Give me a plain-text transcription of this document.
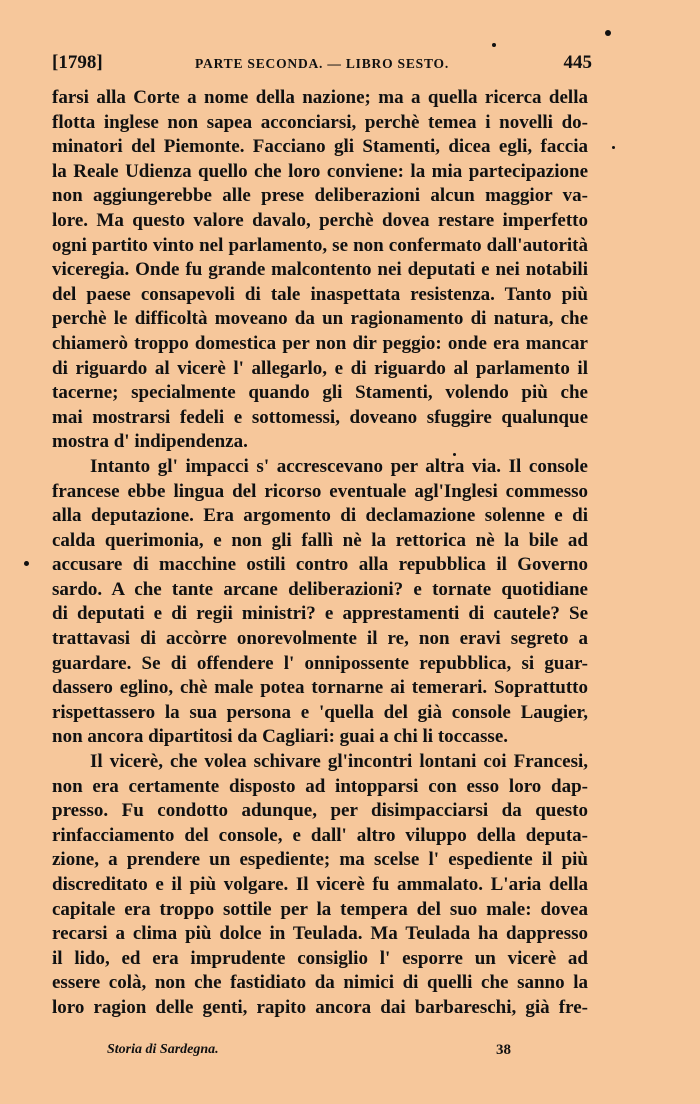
[1798]	PARTE SECONDA. — LIBRO SESTO.	445
farsi alla Corte a nome della nazione; ma a quella ricerca della
flotta inglese non sapea acconciarsi, perchè temea i novelli do-
minatori del Piemonte. Facciano gli Stamenti, dicea egli, faccia
la Reale Udienza quello che loro conviene: la mia partecipazione
non aggiungerebbe alle prese deliberazioni alcun maggior va-
lore. Ma questo valore davalo, perchè dovea restare imperfetto
ogni partito vinto nel parlamento, se non confermato dall'autorità
viceregia. Onde fu grande malcontento nei deputati e nei notabili
del paese consapevoli di tale inaspettata resistenza. Tanto più
perchè le difficoltà moveano da un ragionamento di natura, che
chiamerò troppo domestica per non dir peggio: onde era mancar
di riguardo al vicerè l' allegarlo, e di riguardo al parlamento il
tacerne; specialmente quando gli Stamenti, volendo più che
mai mostrarsi fedeli e sottomessi, doveano sfuggire qualunque
mostra d' indipendenza.
Intanto gl' impacci s' accrescevano per altra via. Il console
francese ebbe lingua del ricorso eventuale agl'Inglesi commesso
alla deputazione. Era argomento di declamazione solenne e di
calda querimonia, e non gli fallì nè la rettorica nè la bile ad
accusare di macchine ostili contro alla repubblica il Governo
sardo. A che tante arcane deliberazioni? e tornate quotidiane
di deputati e di regii ministri? e apprestamenti di cautele? Se
trattavasi di accòrre onorevolmente il re, non eravi segreto a
guardare. Se di offendere l' onnipossente repubblica, si guar-
dassero eglino, chè male potea tornarne ai temerari. Soprattutto
rispettassero la sua persona e 'quella del già console Laugier,
non ancora dipartitosi da Cagliari: guai a chi li toccasse.
Il vicerè, che volea schivare gl'incontri lontani coi Francesi,
non era certamente disposto ad intopparsi con esso loro dap-
presso. Fu condotto adunque, per disimpacciarsi da questo
rinfacciamento del console, e dall' altro viluppo della deputa-
zione, a prendere un espediente; ma scelse l' espediente il più
discreditato e il più volgare. Il vicerè fu ammalato. L'aria della
capitale era troppo sottile per la tempera del suo male: dovea
recarsi a clima più dolce in Teulada. Ma Teulada ha dappresso
il lido, ed era imprudente consiglio l' esporre un vicerè ad
essere colà, non che fastidiato da nimici di quelli che sanno la
loro ragion delle genti, rapito ancora dai barbareschi, già fre-
Storia di Sardegna.	38
